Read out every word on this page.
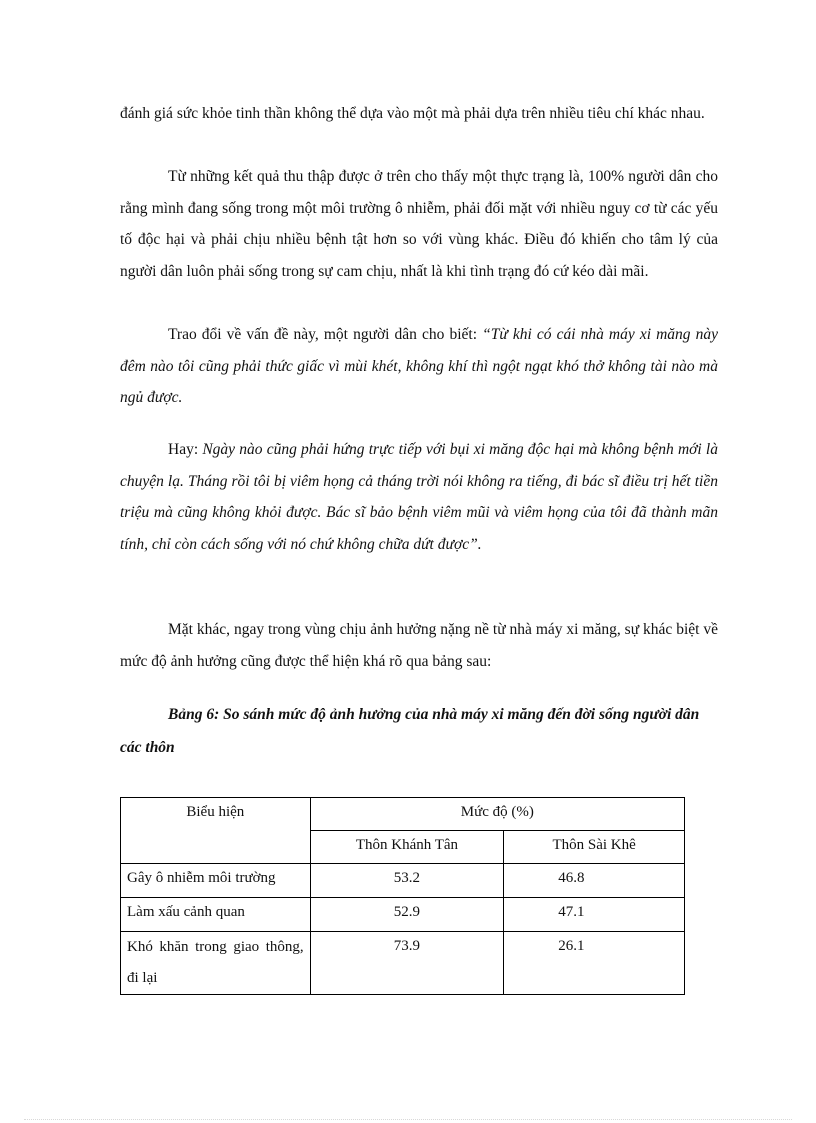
đánh giá sức khỏe tinh thần không thể dựa vào một mà phải dựa trên nhiều tiêu chí khác nhau.

Từ những kết quả thu thập được ở trên cho thấy một thực trạng là, 100% người dân cho rằng mình đang sống trong một môi trường ô nhiễm, phải đối mặt với nhiều nguy cơ từ các yếu tố độc hại và phải chịu nhiều bệnh tật hơn so với vùng khác. Điều đó khiến cho tâm lý của người dân luôn phải sống trong sự cam chịu, nhất là khi tình trạng đó cứ kéo dài mãi.

Trao đổi về vấn đề này, một người dân cho biết: “Từ khi có cái nhà máy xi măng này đêm nào tôi cũng phải thức giấc vì mùi khét, không khí thì ngột ngạt khó thở không tài nào mà ngủ được.

Hay: Ngày nào cũng phải hứng trực tiếp với bụi xi măng độc hại mà không bệnh mới là chuyện lạ. Tháng rồi tôi bị viêm họng cả tháng trời nói không ra tiếng, đi bác sĩ điều trị hết tiền triệu mà cũng không khỏi được. Bác sĩ bảo bệnh viêm mũi và viêm họng của tôi đã thành mãn tính, chỉ còn cách sống với nó chứ không chữa dứt được”.

Mặt khác, ngay trong vùng chịu ảnh hưởng nặng nề từ nhà máy xi măng, sự khác biệt về mức độ ảnh hưởng cũng được thể hiện khá rõ qua bảng sau:

Bảng 6: So sánh mức độ ảnh hưởng của nhà máy xi măng đến đời sống người dân các thôn

Biểu hiện	Mức độ (%)	
	Thôn Khánh Tân	Thôn Sài Khê
Gây ô nhiễm môi trường	53.2	46.8
Làm xấu cảnh quan	52.9	47.1
Khó khăn trong giao thông, đi lại	73.9	26.1
